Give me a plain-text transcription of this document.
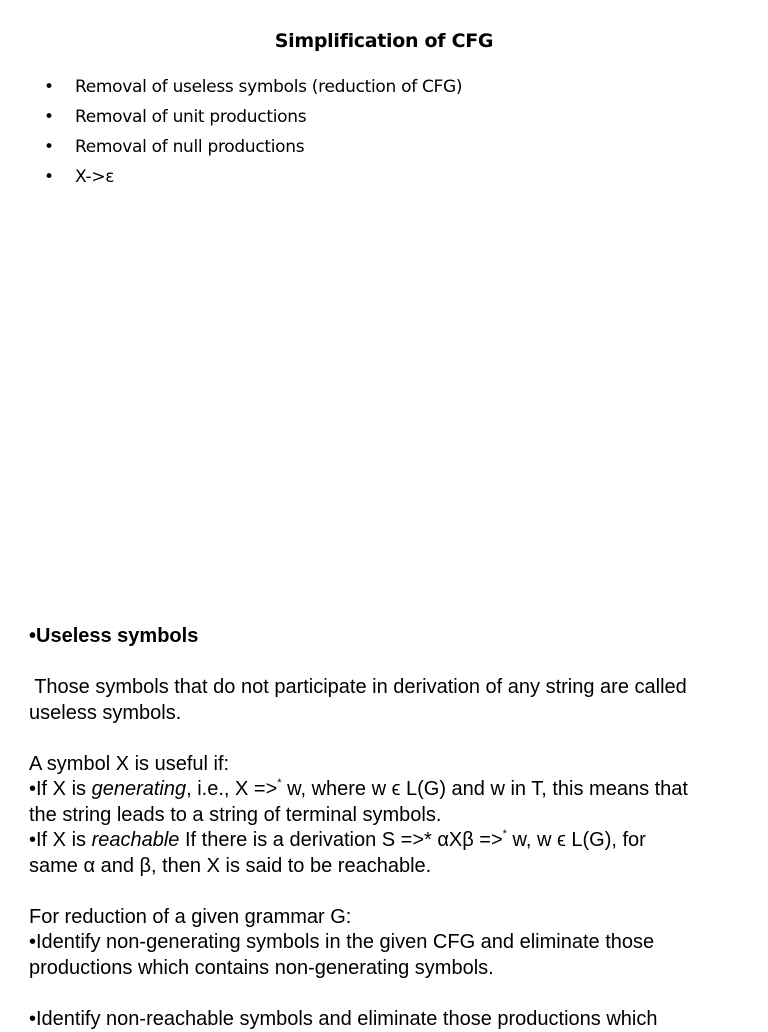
Simplification of CFG
•	Removal of useless symbols (reduction of CFG)
•	Removal of unit productions
•	Removal of null productions
•	X->ε

•Useless symbols

Those symbols that do not participate in derivation of any string are called

useless symbols.

A symbol X is useful if:

•If X is generating, i.e., X =>* w, where w ϵ L(G) and w in T, this means that

the string leads to a string of terminal symbols.

•If X is reachable If there is a derivation S =>* αXβ =>* w, w ϵ L(G), for

same α and β, then X is said to be reachable.

For reduction of a given grammar G:

•Identify non-generating symbols in the given CFG and eliminate those

productions which contains non-generating symbols.

•Identify non-reachable symbols and eliminate those productions which
